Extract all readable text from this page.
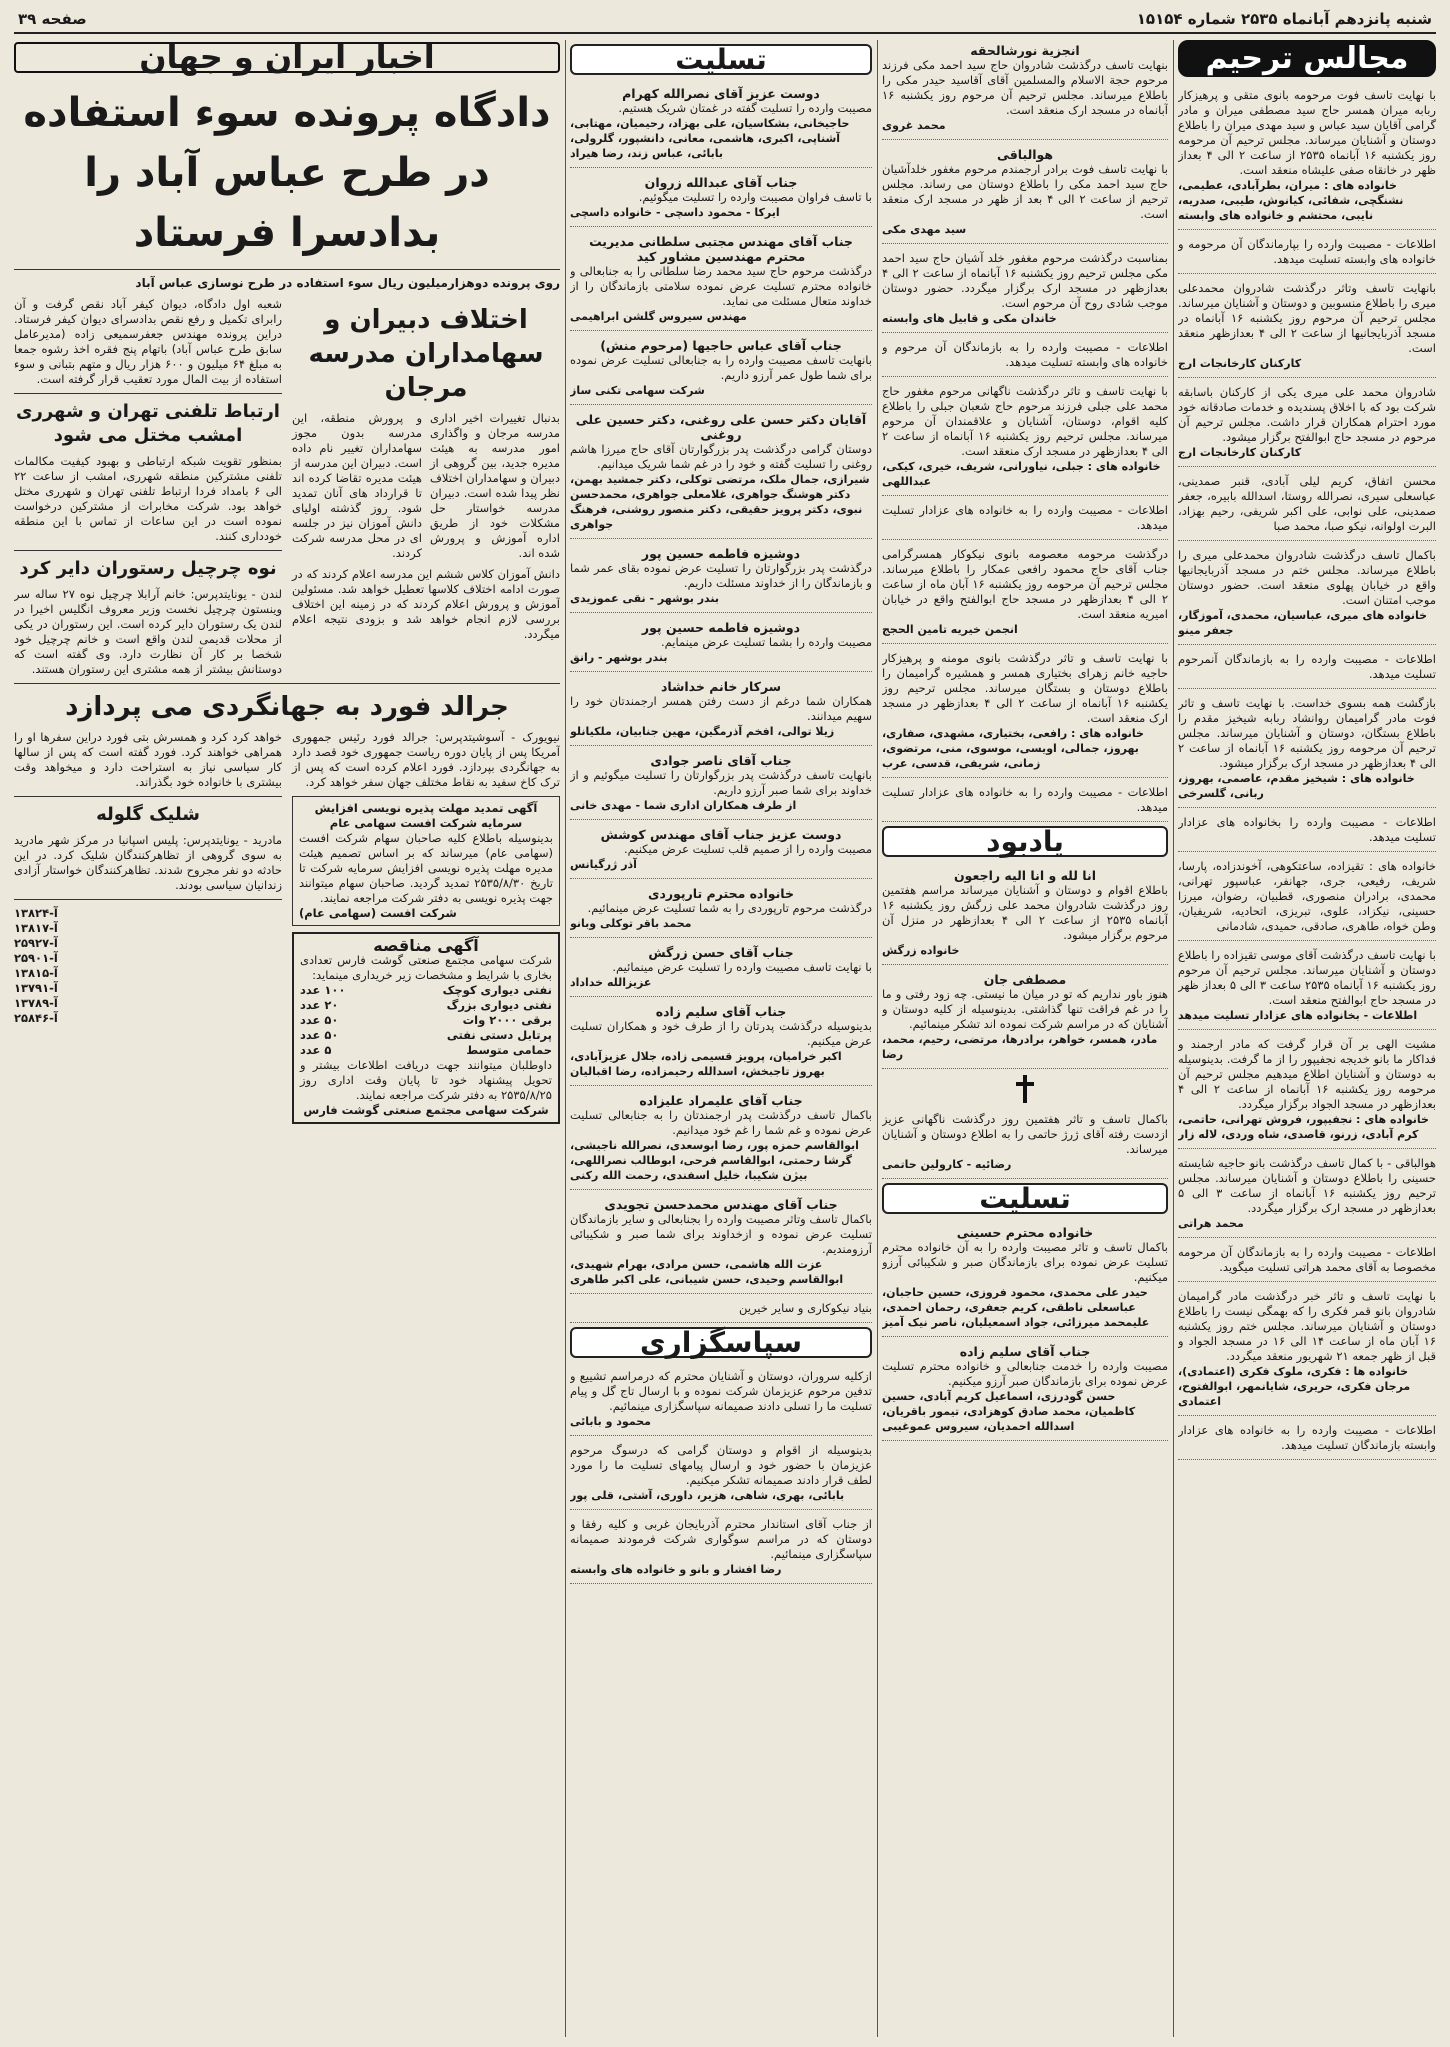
شنبه پانزدهم آبانماه ۲۵۳۵ شماره ۱۵۱۵۴
صفحه ۳۹
مجالس ترحیم
با نهایت تاسف فوت مرحومه بانوی متقی و پرهیزکار ربابه میران همسر حاج سید مصطفی میران و مادر گرامی آقایان سید عباس و سید مهدی میران را باطلاع دوستان و آشنایان میرساند. مجلس ترحیم آن مرحومه روز یکشنبه ۱۶ آبانماه ۲۵۳۵ از ساعت ۲ الی ۴ بعداز ظهر در خانقاه صفی علیشاه منعقد است.
خانواده های : میران، بطرآبادی، عطیمی، نشنگچی، شفائی، کیانوش، طیبی، صدریه، نایبی، محتشم و خانواده های وابسته
اطلاعات - مصیبت وارده را بپارماندگان آن مرحومه و خانواده های وابسته تسلیت میدهد.
بانهایت تاسف وتاثر درگذشت شادروان محمدعلی میری را باطلاع منسوبین و دوستان و آشنایان میرساند. مجلس ترحیم آن مرحوم روز یکشنبه ۱۶ آبانماه در مسجد آذربایجانیها از ساعت ۲ الی ۴ بعدازظهر منعقد است.
کارکنان کارخانجات ارج
شادروان محمد علی میری یکی از کارکنان باسابقه شرکت بود که با اخلاق پسندیده و خدمات صادقانه خود مورد احترام همکاران قرار داشت. مجلس ترحیم آن مرحوم در مسجد حاج ابوالفتح برگزار میشود.
کارکنان کارخانجات ارج
محسن اتفاق، کریم لیلی آبادی، قنبر صمدینی، عباسعلی سیری، نصرالله روستا، اسدالله بابیره، جعفر صمدینی، علی نوابی، علی اکبر شریفی، رحیم بهزاد، البرت اولوانه، نیکو صبا، محمد صبا
باکمال تاسف درگذشت شادروان محمدعلی میری را باطلاع میرساند. مجلس ختم در مسجد آذربایجانیها واقع در خیابان پهلوی منعقد است. حضور دوستان موجب امتنان است.
خانواده های میری، عباسیان، محمدی، آموزگار، جعفر مینو
اطلاعات - مصیبت وارده را به بازماندگان آنمرحوم تسلیت میدهد.
بازگشت همه بسوی خداست. با نهایت تاسف و تاثر فوت مادر گرامیمان روانشاد ربابه شیخیز مقدم را باطلاع بستگان، دوستان و آشنایان میرساند. مجلس ترحیم آن مرحومه روز یکشنبه ۱۶ آبانماه از ساعت ۲ الی ۴ بعدازظهر در مسجد ارک برگزار میشود.
خانواده های : شیخیز مقدم، عاصمی، بهروز، ربانی، گلسرخی
اطلاعات - مصیبت وارده را بخانواده های عزادار تسلیت میدهد.
خانواده های : تقیزاده، ساعتکوهی، آخوندزاده، پارسا، شریف، رفیعی، جری، جهانفر، عباسپور تهرانی، محمدی، برادران منصوری، قطبیان، رضوان، میرزا حسینی، نیکزاد، علوی، تبریزی، اتحادیه، شریفیان، وطن خواه، طاهری، صادقی، حمیدی، شادمانی
با نهایت تاسف درگذشت آقای موسی تقیزاده را باطلاع دوستان و آشنایان میرساند. مجلس ترحیم آن مرحوم روز یکشنبه ۱۶ آبانماه ۲۵۳۵ ساعت ۳ الی ۵ بعداز ظهر در مسجد حاج ابوالفتح منعقد است.
اطلاعات - بخانواده های عزادار تسلیت میدهد
مشیت الهی بر آن قرار گرفت که مادر ارجمند و فداکار ما بانو خدیجه نجفیپور را از ما گرفت. بدینوسیله به دوستان و آشنایان اطلاع میدهیم مجلس ترحیم آن مرحومه روز یکشنبه ۱۶ آبانماه از ساعت ۲ الی ۴ بعدازظهر در مسجد الجواد برگزار میگردد.
خانواده های : نجفیپور، فروش تهرانی، حاتمی، کرم آبادی، زرنو، قاصدی، شاه وردی، لاله زار
هوالباقی - با کمال تاسف درگذشت بانو حاجیه شایسته حسینی را باطلاع دوستان و آشنایان میرساند. مجلس ترحیم روز یکشنبه ۱۶ آبانماه از ساعت ۳ الی ۵ بعدازظهر در مسجد ارک برگزار میگردد.
محمد هراتی
اطلاعات - مصیبت وارده را به بازماندگان آن مرحومه مخصوصا به آقای محمد هراتی تسلیت میگوید.
با نهایت تاسف و تاثر خبر درگذشت مادر گرامیمان شادروان بانو قمر فکری را که بهمگی نیست را باطلاع دوستان و آشنایان میرساند. مجلس ختم روز یکشنبه ۱۶ آبان ماه از ساعت ۱۴ الی ۱۶ در مسجد الجواد و قبل از ظهر جمعه ۲۱ شهریور منعقد میگردد.
خانواده ها : فکری، ملوک فکری (اعتمادی)، مرجان فکری، حریری، شایانمهر، ابوالفتوح، اعتمادی
اطلاعات - مصیبت وارده را به خانواده های عزادار وابسته بازماندگان تسلیت میدهد.
انجزیة نورشالحقه
بنهایت تاسف درگذشت شادروان حاج سید احمد مکی فرزند مرحوم حجة الاسلام والمسلمین آقای آقاسید حیدر مکی را باطلاع میرساند. مجلس ترحیم آن مرحوم روز یکشنبه ۱۶ آبانماه در مسجد ارک منعقد است.
محمد غروی
هوالباقی
با نهایت تاسف فوت برادر ارجمندم مرحوم مغفور خلدآشیان حاج سید احمد مکی را باطلاع دوستان می رساند. مجلس ترحیم از ساعت ۲ الی ۴ بعد از ظهر در مسجد ارک منعقد است.
سید مهدی مکی
بمناسبت درگذشت مرحوم مغفور خلد آشیان حاج سید احمد مکی مجلس ترحیم روز یکشنبه ۱۶ آبانماه از ساعت ۲ الی ۴ بعدازظهر در مسجد ارک برگزار میگردد. حضور دوستان موجب شادی روح آن مرحوم است.
خاندان مکی و قابیل های وابسته
اطلاعات - مصیبت وارده را به بازماندگان آن مرحوم و خانواده های وابسته تسلیت میدهد.
با نهایت تاسف و تاثر درگذشت ناگهانی مرحوم مغفور حاج محمد علی جبلی فرزند مرحوم حاج شعبان جبلی را باطلاع کلیه اقوام، دوستان، آشنایان و علاقمندان آن مرحوم میرساند. مجلس ترحیم روز یکشنبه ۱۶ آبانماه از ساعت ۲ الی ۴ بعدازظهر در مسجد ارک منعقد است.
خانواده های : جبلی، نیاورانی، شریف، خیری، کیکی، عبداللهی
اطلاعات - مصیبت وارده را به خانواده های عزادار تسلیت میدهد.
درگذشت مرحومه معصومه بانوی نیکوکار همسرگرامی جناب آقای حاج محمود رافعی عمکار را باطلاع میرساند. مجلس ترحیم آن مرحومه روز یکشنبه ۱۶ آبان ماه از ساعت ۲ الی ۴ بعدازظهر در مسجد حاج ابوالفتح واقع در خیابان امیریه منعقد است.
انجمن خیریه تامین الحجج
با نهایت تاسف و تاثر درگذشت بانوی مومنه و پرهیزکار حاجیه خانم زهرای بختیاری همسر و همشیره گرامیمان را باطلاع دوستان و بستگان میرساند. مجلس ترحیم روز یکشنبه ۱۶ آبانماه از ساعت ۲ الی ۴ بعدازظهر در مسجد ارک منعقد است.
خانواده های : رافعی، بختیاری، مشهدی، صفاری، بهروز، جمالی، اویسی، موسوی، منی، مرتضوی، زمانی، شریفی، قدسی، عرب
اطلاعات - مصیبت وارده را به خانواده های عزادار تسلیت میدهد.
یادبود
انا لله و انا الیه راجعون
باطلاع اقوام و دوستان و آشنایان میرساند مراسم هفتمین روز درگذشت شادروان محمد علی زرگش روز یکشنبه ۱۶ آبانماه ۲۵۳۵ از ساعت ۲ الی ۴ بعدازظهر در منزل آن مرحوم برگزار میشود.
خانواده زرگش
مصطفی جان
هنوز باور نداریم که تو در میان ما نیستی. چه زود رفتی و ما را در غم فراقت تنها گذاشتی. بدینوسیله از کلیه دوستان و آشنایان که در مراسم شرکت نموده اند تشکر مینمائیم.
مادر، همسر، خواهر، برادرها، مرتضی، رحیم، محمد، رضا
باکمال تاسف و تاثر هفتمین روز درگذشت ناگهانی عزیز ازدست رفته آقای ژرژ حاتمی را به اطلاع دوستان و آشنایان میرساند.
رضائیه - کارولین حاتمی
تسلیت
خانواده محترم حسینی
باکمال تاسف و تاثر مصیبت وارده را به آن خانواده محترم تسلیت عرض نموده برای بازماندگان صبر و شکیبائی آرزو میکنیم.
حیدر علی محمدی، محمود فروزی، حسین حاجبان، عباسعلی ناطقی، کریم جعفری، رحمان احمدی، علیمحمد میرزائی، جواد اسمعیلیان، ناصر نیک آمیز
جناب آقای سلیم زاده
مصیبت وارده را خدمت جنابعالی و خانواده محترم تسلیت عرض نموده برای بازماندگان صبر آرزو میکنیم.
حسن گودرزی، اسماعیل کریم آبادی، حسین کاظمیان، محمد صادق کوهزادی، تیمور باقریان، اسدالله احمدیان، سیروس عموغیبی
تسلیت
دوست عزیز آقای نصرالله کهرام
مصیبت وارده را تسلیت گفته در غمتان شریک هستیم.
حاجیخانی، بشکاسیان، علی بهزاد، رحیمیان، مهتابی، آشناپی، اکبری، هاشمی، معانی، دانشپور، گلرولی، بابائی، عباس زند، رضا هیراد
جناب آقای عبدالله زروان
با تاسف فراوان مصیبت وارده را تسلیت میگوئیم.
ایرکا - محمود داسچی - خانواده داسچی
جناب آقای مهندس مجتبی سلطانی مدیریت محترم مهندسین مشاور کید
درگذشت مرحوم حاج سید محمد رضا سلطانی را به جنابعالی و خانواده محترم تسلیت عرض نموده سلامتی بازماندگان را از خداوند متعال مسئلت می نماید.
مهندس سیروس گلشن ابراهیمی
جناب آقای عباس حاجیها (مرحوم منش)
بانهایت تاسف مصیبت وارده را به جنابعالی تسلیت عرض نموده برای شما طول عمر آرزو داریم.
شرکت سهامی تکنی ساز
آقایان دکتر حسن علی روغنی، دکتر حسین علی روغنی
دوستان گرامی درگذشت پدر بزرگوارتان آقای حاج میرزا هاشم روغنی را تسلیت گفته و خود را در غم شما شریک میدانیم.
شیرازی، جمال ملک، مرتضی توکلی، دکتر جمشید بهمن، دکتر هوشنگ جواهری، غلامعلی جواهری، محمدحسن نبوی، دکتر پرویز حقیقی، دکتر منصور روشنی، فرهنگ جواهری
دوشیزه فاطمه حسین پور
درگذشت پدر بزرگوارتان را تسلیت عرض نموده بقای عمر شما و بازماندگان را از خداوند مسئلت داریم.
بندر بوشهر - نقی عموزیدی
دوشیزه فاطمه حسین پور
مصیبت وارده را بشما تسلیت عرض مینمایم.
بندر بوشهر - رانق
سرکار خانم خداشاد
همکاران شما درغم از دست رفتن همسر ارجمندتان خود را سهیم میدانند.
زیلا توالی، افخم آذرمگین، مهین جنابیان، ملکیانلو
جناب آقای ناصر جوادی
بانهایت تاسف درگذشت پدر بزرگوارتان را تسلیت میگوئیم و از خداوند برای شما صبر آرزو داریم.
از طرف همکاران اداری شما - مهدی خانی
دوست عزیز جناب آقای مهندس کوشش
مصیبت وارده را از صمیم قلب تسلیت عرض میکنیم.
آذر ژرگیانس
خانواده محترم تارپوردی
درگذشت مرحوم تارپوردی را به شما تسلیت عرض مینمائیم.
محمد باقر توکلی وبانو
جناب آقای حسن زرگش
با نهایت تاسف مصیبت وارده را تسلیت عرض مینمائیم.
عزیزالله خداداد
جناب آقای سلیم زاده
بدینوسیله درگذشت پدرتان را از طرف خود و همکاران تسلیت عرض میکنیم.
اکبر خرامیان، پرویز قسیمی زاده، جلال عزیزآبادی، بهروز تاجبخش، اسدالله رحیمزاده، رضا اقبالیان
جناب آقای علیمراد علیزاده
باکمال تاسف درگذشت پدر ارجمندتان را به جنابعالی تسلیت عرض نموده و غم شما را غم خود میدانیم.
ابوالقاسم حمزه پور، رضا ابوسعدی، نصرالله ناجیشی، گرشا رحمتی، ابوالقاسم فرحی، ابوطالب نصراللهی، بیژن شکیبا، خلیل اسفندی، رحمت الله رکنی
جناب آقای مهندس محمدحسن تجویدی
باکمال تاسف وتاثر مصیبت وارده را بجنابعالی و سایر بازماندگان تسلیت عرض نموده و ازخداوند برای شما صبر و شکیبائی آرزومندیم.
عزت الله هاشمی، حسن مرادی، بهرام شهیدی، ابوالقاسم وحیدی، حسن شیبانی، علی اکبر طاهری
بنیاد نیکوکاری و سایر خیرین
سپاسگزاری
ازکلیه سروران، دوستان و آشنایان محترم که درمراسم تشییع و تدفین مرحوم عزیزمان شرکت نموده و با ارسال تاج گل و پیام تسلیت ما را تسلی دادند صمیمانه سپاسگزاری مینمائیم.
محمود و بابائی
بدینوسیله از اقوام و دوستان گرامی که درسوگ مرحوم عزیزمان با حضور خود و ارسال پیامهای تسلیت ما را مورد لطف قرار دادند صمیمانه تشکر میکنیم.
بابائی، بهری، شاهی، هزیر، داوری، آشتی، قلی پور
از جناب آقای استاندار محترم آذربایجان غربی و کلیه رفقا و دوستان که در مراسم سوگواری شرکت فرمودند صمیمانه سپاسگزاری مینمائیم.
رضا افشار و بانو و خانواده های وابسته
اخبار ایران و جهان
دادگاه پرونده سوء استفاده
در طرح عباس آباد را
بدادسرا فرستاد
روی پرونده دوهزارمیلیون ریال سوء استفاده در طرح نوسازی عباس آباد
اختلاف دبیران و سهامداران مدرسه مرجان
بدنبال تغییرات اخیر اداری مدرسه مرجان و واگذاری امور مدرسه به هیئت مدیره جدید، بین گروهی از دبیران و سهامداران اختلاف نظر پیدا شده است. دبیران مدرسه خواستار حل مشکلات خود از طریق اداره آموزش و پرورش شده اند.
و پرورش منطقه، این مدرسه بدون مجوز سهامداران تغییر نام داده است. دبیران این مدرسه از هیئت مدیره تقاضا کرده اند تا قرارداد های آنان تمدید شود. روز گذشته اولیای دانش آموزان نیز در جلسه ای در محل مدرسه شرکت کردند.
دانش آموزان کلاس ششم این مدرسه اعلام کردند که در صورت ادامه اختلاف کلاسها تعطیل خواهد شد. مسئولین آموزش و پرورش اعلام کردند که در زمینه این اختلاف بررسی لازم انجام خواهد شد و بزودی نتیجه اعلام میگردد.
شعبه اول دادگاه، دیوان کیفر آباد نقص گرفت و آن رابرای تکمیل و رفع نقص بدادسرای دیوان کیفر فرستاد. دراین پرونده مهندس جعفرسمیعی زاده (مدیرعامل سابق طرح عباس آباد) باتهام پنج فقره اخذ رشوه جمعا به مبلغ ۶۴ میلیون و ۶۰۰ هزار ریال و متهم بتبانی و سوء استفاده از بیت المال مورد تعقیب قرار گرفته است.
ارتباط تلفنی تهران و شهرری امشب مختل می شود
بمنظور تقویت شبکه ارتباطی و بهبود کیفیت مکالمات تلفنی مشترکین منطقه شهرری، امشب از ساعت ۲۲ الی ۶ بامداد فردا ارتباط تلفنی تهران و شهرری مختل خواهد بود. شرکت مخابرات از مشترکین درخواست نموده است در این ساعات از تماس با این منطقه خودداری کنند.
نوه چرچیل رستوران دایر کرد
لندن - یونایتدپرس: خانم آرابلا چرچیل نوه ۲۷ ساله سر وینستون چرچیل نخست وزیر معروف انگلیس اخیرا در لندن یک رستوران دایر کرده است. این رستوران در یکی از محلات قدیمی لندن واقع است و خانم چرچیل خود شخصا بر کار آن نظارت دارد. وی گفته است که دوستانش بیشتر از همه مشتری این رستوران هستند.
جرالد فورد به جهانگردی می پردازد
نیویورک - آسوشیتدپرس: جرالد فورد رئیس جمهوری آمریکا پس از پایان دوره ریاست جمهوری خود قصد دارد به جهانگردی بپردازد. فورد اعلام کرده است که پس از ترک کاخ سفید به نقاط مختلف جهان سفر خواهد کرد.
آگهی تمدید مهلت پذیره نویسی افزایش سرمایه شرکت افست سهامی عام
بدینوسیله باطلاع کلیه صاحبان سهام شرکت افست (سهامی عام) میرساند که بر اساس تصمیم هیئت مدیره مهلت پذیره نویسی افزایش سرمایه شرکت تا تاریخ ۲۵۳۵/۸/۳۰ تمدید گردید. صاحبان سهام میتوانند جهت پذیره نویسی به دفتر شرکت مراجعه نمایند.
شرکت افست (سهامی عام)
آگهی مناقصه
شرکت سهامی مجتمع صنعتی گوشت فارس تعدادی بخاری با شرایط و مشخصات زیر خریداری مینماید:
نفتی دیواری کوچک
۱۰۰ عدد
نفتی دیواری بزرگ
۲۰ عدد
برقی ۲۰۰۰ وات
۵۰ عدد
پرتابل دستی نفتی
۵۰ عدد
حمامی متوسط
۵ عدد
داوطلبان میتوانند جهت دریافت اطلاعات بیشتر و تحویل پیشنهاد خود تا پایان وقت اداری روز ۲۵۳۵/۸/۲۵ به دفتر شرکت مراجعه نمایند.
شرکت سهامی مجتمع صنعتی گوشت فارس
خواهد کرد کرد و همسرش بتی فورد دراین سفرها او را همراهی خواهند کرد. فورد گفته است که پس از سالها کار سیاسی نیاز به استراحت دارد و میخواهد وقت بیشتری با خانواده خود بگذراند.
شلیک گلوله
مادرید - یونایتدپرس: پلیس اسپانیا در مرکز شهر مادرید به سوی گروهی از تظاهرکنندگان شلیک کرد. در این حادثه دو نفر مجروح شدند. تظاهرکنندگان خواستار آزادی زندانیان سیاسی بودند.
آ-۱۳۸۲۴
آ-۱۳۸۱۷
آ-۲۵۹۲۷
آ-۲۵۹۰۱
آ-۱۳۸۱۵
آ-۱۳۷۹۱
آ-۱۳۷۸۹
آ-۲۵۸۴۶
